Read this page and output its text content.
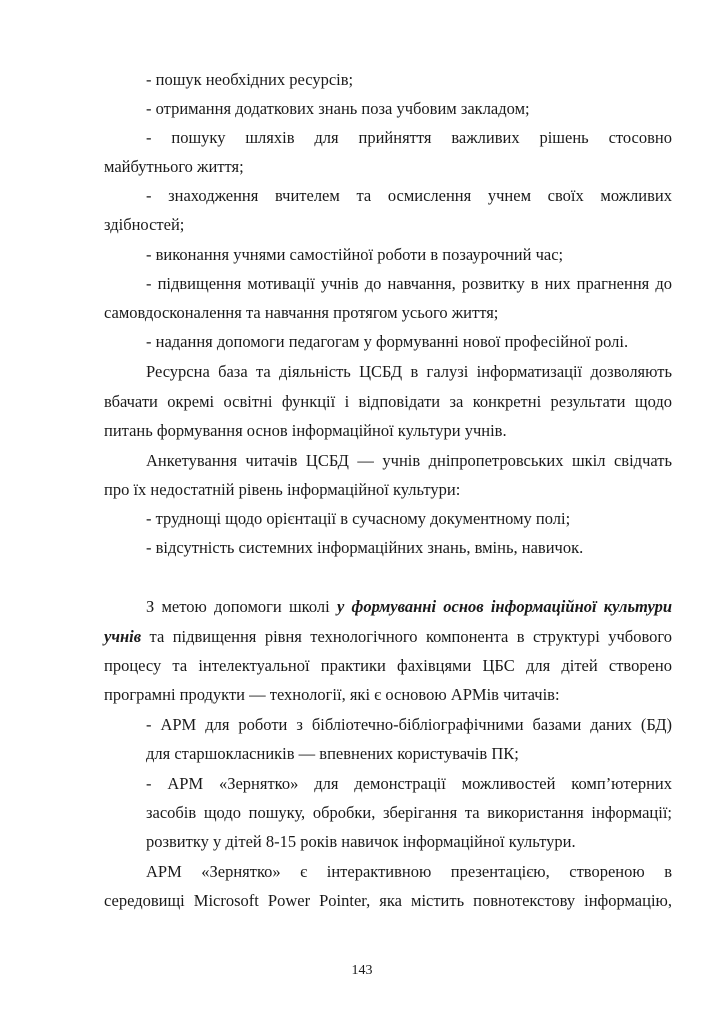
- пошук необхідних ресурсів;
- отримання додаткових знань поза учбовим закладом;
- пошуку шляхів для прийняття важливих рішень стосовно
майбутнього життя;
- знаходження вчителем та осмислення учнем своїх можливих
здібностей;
- виконання учнями самостійної роботи в позаурочний час;
- підвищення мотивації учнів до навчання, розвитку в них прагнення до
самовдосконалення та навчання протягом усього життя;
- надання допомоги педагогам у формуванні нової професійної ролі.
Ресурсна база та діяльність ЦСБД в галузі інформатизації дозволяють
вбачати окремі освітні функції і відповідати за конкретні результати щодо
питань формування основ інформаційної культури учнів.
Анкетування читачів ЦСБД — учнів дніпропетровських шкіл свідчать
про їх недостатній рівень інформаційної культури:
- труднощі щодо орієнтації в сучасному документному полі;
- відсутність системних інформаційних знань, вмінь, навичок.
З метою допомоги школі у формуванні основ інформаційної культури
учнів та підвищення рівня технологічного компонента в структурі учбового
процесу та інтелектуальної практики фахівцями ЦБС для дітей створено
програмні продукти — технології, які є основою АРМів читачів:
- АРМ для роботи з бібліотечно-бібліографічними базами даних (БД)
для старшокласників — впевнених користувачів ПК;
- АРМ «Зернятко» для демонстрації можливостей комп’ютерних
засобів щодо пошуку, обробки, зберігання та використання інформації;
розвитку у дітей 8-15 років навичок інформаційної культури.
АРМ «Зернятко» є інтерактивною презентацією, створеною в
середовищі Microsoft Power Pointer, яка містить повнотекстову інформацію,
143
